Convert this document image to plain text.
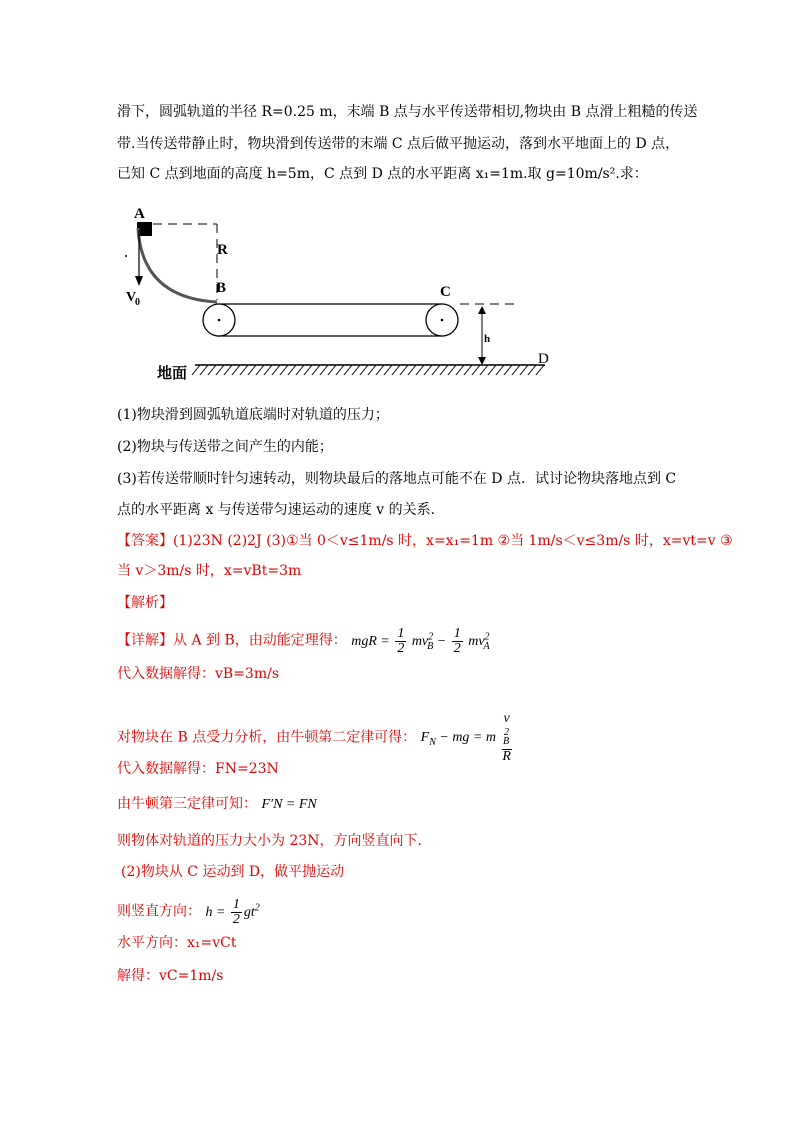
滑下，圆弧轨道的半径 R=0.25 m，末端 B 点与水平传送带相切,物块由 B 点滑上粗糙的传送
带.当传送带静止时，物块滑到传送带的末端 C 点后做平抛运动，落到水平地面上的 D 点，
已知 C 点到地面的高度 h=5m，C 点到 D 点的水平距离 x₁=1m.取 g=10m/s².求：
A
R
B	C
D
h
V
0
地面
(1)物块滑到圆弧轨道底端时对轨道的压力；
(2)物块与传送带之间产生的内能；
(3)若传送带顺时针匀速转动，则物块最后的落地点可能不在 D 点．试讨论物块落地点到 C
点的水平距离 x 与传送带匀速运动的速度 v 的关系.
【答案】(1)23N (2)2J (3)①当 0＜v≤1m/s 时，x=x₁=1m ②当 1m/s＜v≤3m/s 时，x=vt=v ③
当 v＞3m/s 时，x=vBt=3m
【解析】
【详解】从 A 到 B，由动能定理得： mgR = $\frac{1}{2} mv^2_B - \frac{1}{2} mv^2_A$
代入数据解得：vB=3m/s
对物块在 B 点受力分析，由牛顿第二定律可得： $F_N$ − mg = m v
$^2_B$
R
代入数据解得：FN=23N
由牛顿第三定律可知： F′N = FN
则物体对轨道的压力大小为 23N，方向竖直向下.
(2)物块从 C 运动到 D，做平抛运动
则竖直方向： $h = \frac{1}{2} gt^2$
水平方向：x₁=vCt
解得：vC=1m/s
